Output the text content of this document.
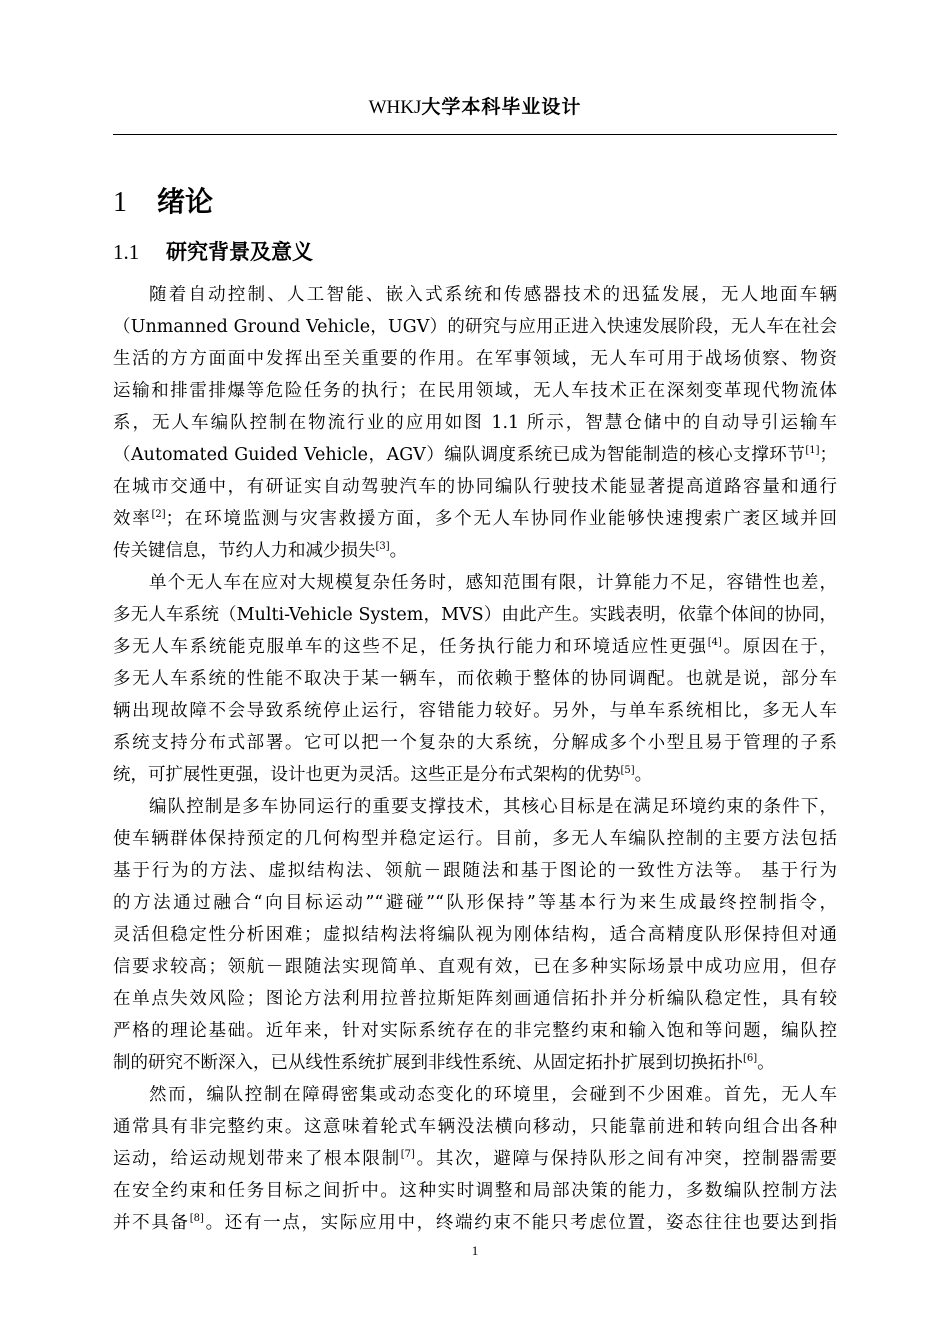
WHKJ大学本科毕业设计
1 绪论
1.1 研究背景及意义
随着自动控制、人工智能、嵌入式系统和传感器技术的迅猛发展，无人地面车辆
（Unmanned Ground Vehicle，UGV）的研究与应用正进入快速发展阶段，无人车在社会
生活的方方面面中发挥出至关重要的作用。在军事领域，无人车可用于战场侦察、物资
运输和排雷排爆等危险任务的执行；在民用领域，无人车技术正在深刻变革现代物流体
系，无人车编队控制在物流行业的应用如图 1.1 所示，智慧仓储中的自动导引运输车
（Automated Guided Vehicle，AGV）编队调度系统已成为智能制造的核心支撑环节[1]；
在城市交通中，有研证实自动驾驶汽车的协同编队行驶技术能显著提高道路容量和通行
效率[2]；在环境监测与灾害救援方面，多个无人车协同作业能够快速搜索广袤区域并回
传关键信息，节约人力和减少损失[3]。
单个无人车在应对大规模复杂任务时，感知范围有限，计算能力不足，容错性也差，
多无人车系统（Multi-Vehicle System，MVS）由此产生。实践表明，依靠个体间的协同，
多无人车系统能克服单车的这些不足，任务执行能力和环境适应性更强[4]。原因在于，
多无人车系统的性能不取决于某一辆车，而依赖于整体的协同调配。也就是说，部分车
辆出现故障不会导致系统停止运行，容错能力较好。另外，与单车系统相比，多无人车
系统支持分布式部署。它可以把一个复杂的大系统，分解成多个小型且易于管理的子系
统，可扩展性更强，设计也更为灵活。这些正是分布式架构的优势[5]。
编队控制是多车协同运行的重要支撑技术，其核心目标是在满足环境约束的条件下，
使车辆群体保持预定的几何构型并稳定运行。目前，多无人车编队控制的主要方法包括
基于行为的方法、虚拟结构法、领航－跟随法和基于图论的一致性方法等。 基于行为
的方法通过融合“向目标运动”“避碰”“队形保持”等基本行为来生成最终控制指令，
灵活但稳定性分析困难；虚拟结构法将编队视为刚体结构，适合高精度队形保持但对通
信要求较高；领航－跟随法实现简单、直观有效，已在多种实际场景中成功应用，但存
在单点失效风险；图论方法利用拉普拉斯矩阵刻画通信拓扑并分析编队稳定性，具有较
严格的理论基础。近年来，针对实际系统存在的非完整约束和输入饱和等问题，编队控
制的研究不断深入，已从线性系统扩展到非线性系统、从固定拓扑扩展到切换拓扑[6]。
然而，编队控制在障碍密集或动态变化的环境里，会碰到不少困难。首先，无人车
通常具有非完整约束。这意味着轮式车辆没法横向移动，只能靠前进和转向组合出各种
运动，给运动规划带来了根本限制[7]。其次，避障与保持队形之间有冲突，控制器需要
在安全约束和任务目标之间折中。这种实时调整和局部决策的能力，多数编队控制方法
并不具备[8]。还有一点，实际应用中，终端约束不能只考虑位置，姿态往往也要达到指
1
